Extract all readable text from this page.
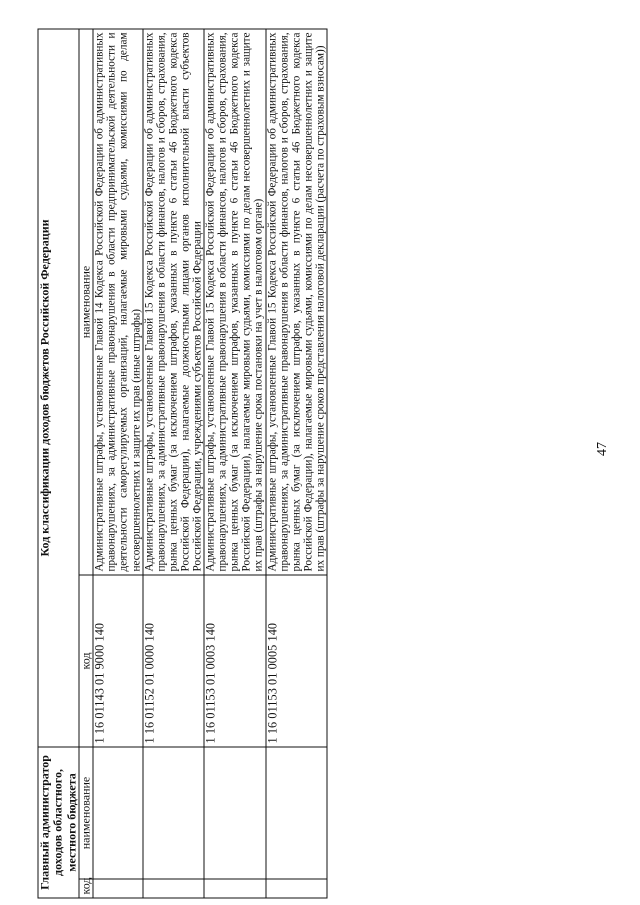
47
Главный администратор доходов областного, местного бюджета		Код классификации доходов бюджетов Российской Федерации	
код	наименование	код	наименование
		1 16 01143 01 9000 140	Административные штрафы, установленные Главой 14 Кодекса Российской Федерации об административных правонарушениях, за административные правонарушения в области предпринимательской деятельности и деятельности саморегулируемых организаций, налагаемые мировыми судьями, комиссиями по делам несовершеннолетних и защите их прав (иные штрафы)
		1 16 01152 01 0000 140	Административные штрафы, установленные Главой 15 Кодекса Российской Федерации об административных правонарушениях, за административные правонарушения в области финансов, налогов и сборов, страхования, рынка ценных бумаг (за исключением штрафов, указанных в пункте 6 статьи 46 Бюджетного кодекса Российской Федерации), налагаемые должностными лицами органов исполнительной власти субъектов Российской Федерации, учреждениями субъектов Российской Федерации
		1 16 01153 01 0003 140	Административные штрафы, установленные Главой 15 Кодекса Российской Федерации об административных правонарушениях, за административные правонарушения в области финансов, налогов и сборов, страхования, рынка ценных бумаг (за исключением штрафов, указанных в пункте 6 статьи 46 Бюджетного кодекса Российской Федерации), налагаемые мировыми судьями, комиссиями по делам несовершеннолетних и защите их прав (штрафы за нарушение срока постановки на учет в налоговом органе)
		1 16 01153 01 0005 140	Административные штрафы, установленные Главой 15 Кодекса Российской Федерации об административных правонарушениях, за административные правонарушения в области финансов, налогов и сборов, страхования, рынка ценных бумаг (за исключением штрафов, указанных в пункте 6 статьи 46 Бюджетного кодекса Российской Федерации), налагаемые мировыми судьями, комиссиями по делам несовершеннолетних и защите их прав (штрафы за нарушение сроков представления налоговой декларации (расчета по страховым взносам))
